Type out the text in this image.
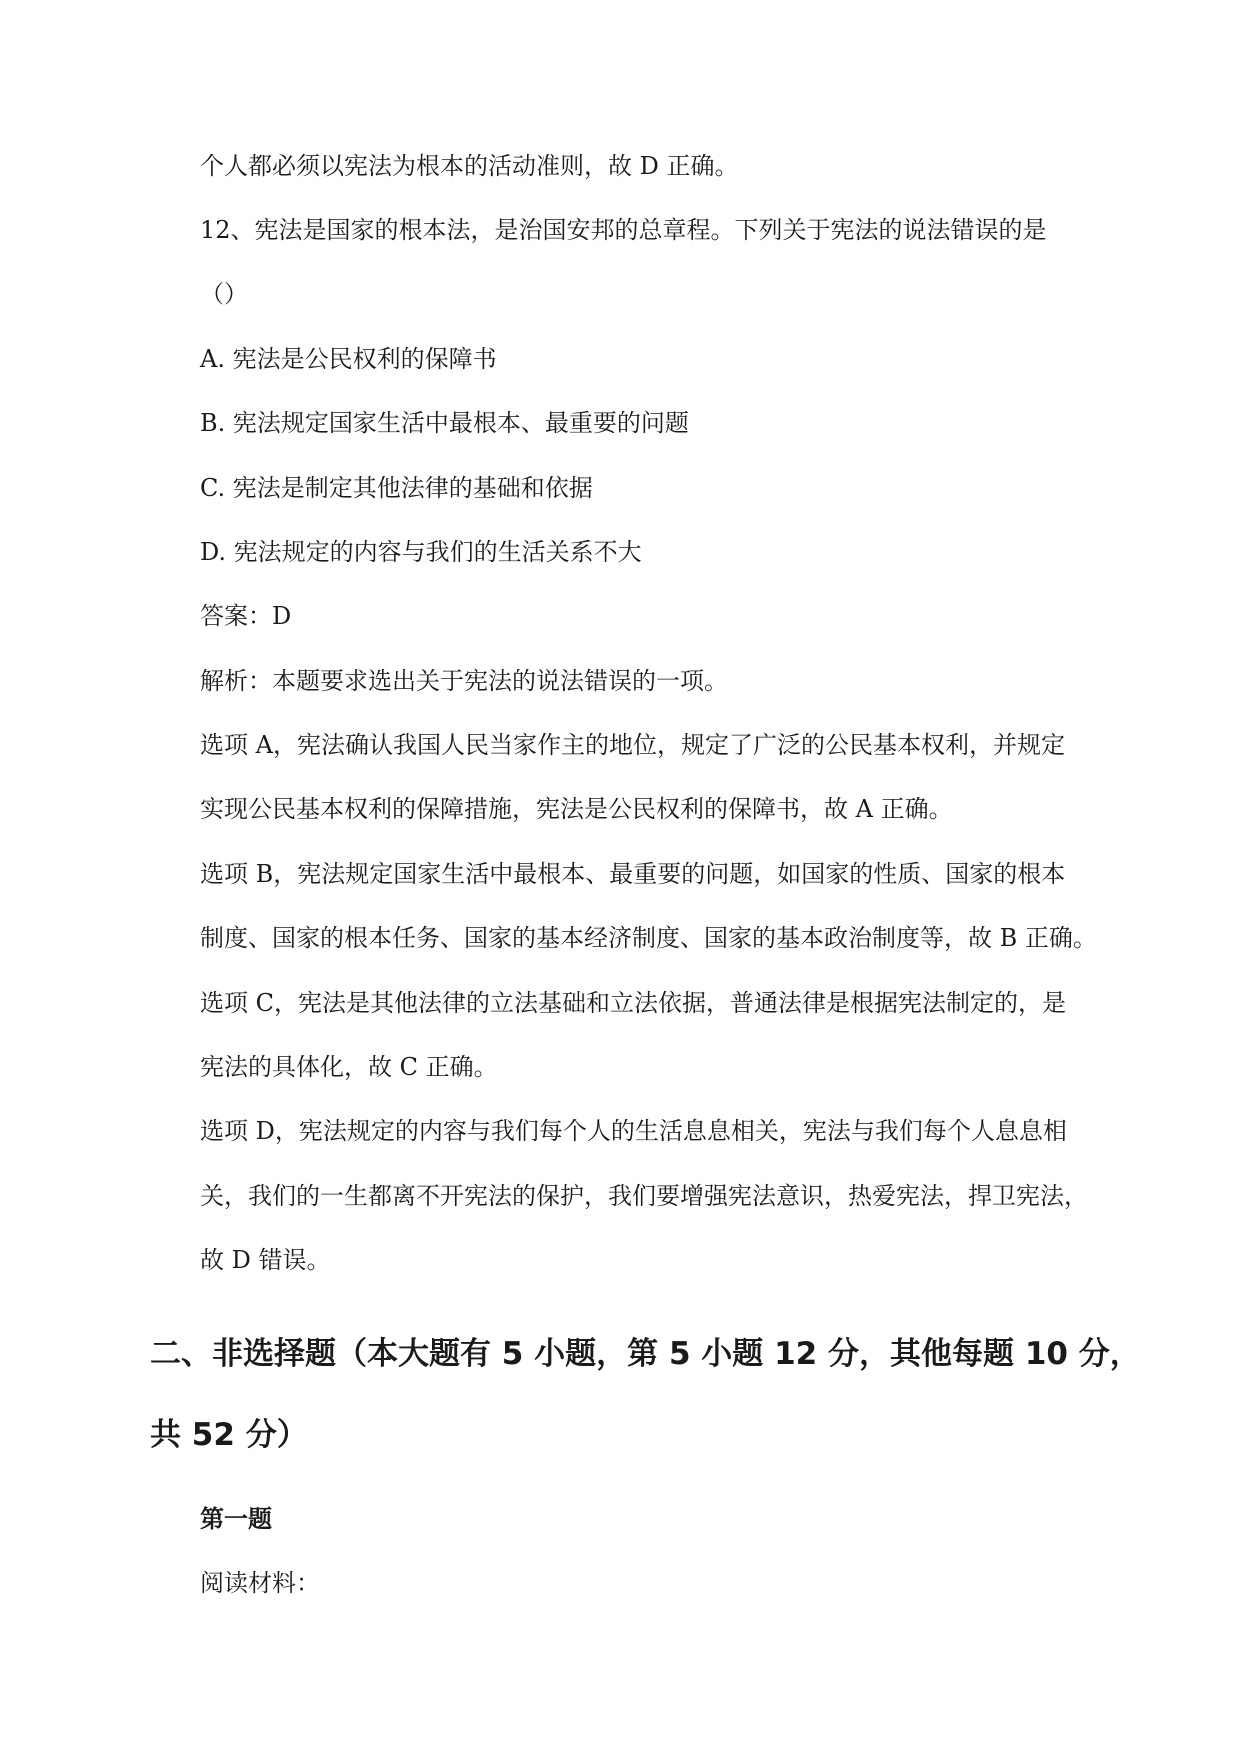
个人都必须以宪法为根本的活动准则，故 D 正确。
12、宪法是国家的根本法，是治国安邦的总章程。下列关于宪法的说法错误的是
（）
A. 宪法是公民权利的保障书
B. 宪法规定国家生活中最根本、最重要的问题
C. 宪法是制定其他法律的基础和依据
D. 宪法规定的内容与我们的生活关系不大
答案：D
解析：本题要求选出关于宪法的说法错误的一项。
选项 A，宪法确认我国人民当家作主的地位，规定了广泛的公民基本权利，并规定
实现公民基本权利的保障措施，宪法是公民权利的保障书，故 A 正确。
选项 B，宪法规定国家生活中最根本、最重要的问题，如国家的性质、国家的根本
制度、国家的根本任务、国家的基本经济制度、国家的基本政治制度等，故 B 正确。
选项 C，宪法是其他法律的立法基础和立法依据，普通法律是根据宪法制定的，是
宪法的具体化，故 C 正确。
选项 D，宪法规定的内容与我们每个人的生活息息相关，宪法与我们每个人息息相
关，我们的一生都离不开宪法的保护，我们要增强宪法意识，热爱宪法，捍卫宪法，
故 D 错误。
二、非选择题（本大题有 5 小题，第 5 小题 12 分，其他每题 10 分，
共 52 分）
第一题
阅读材料：
